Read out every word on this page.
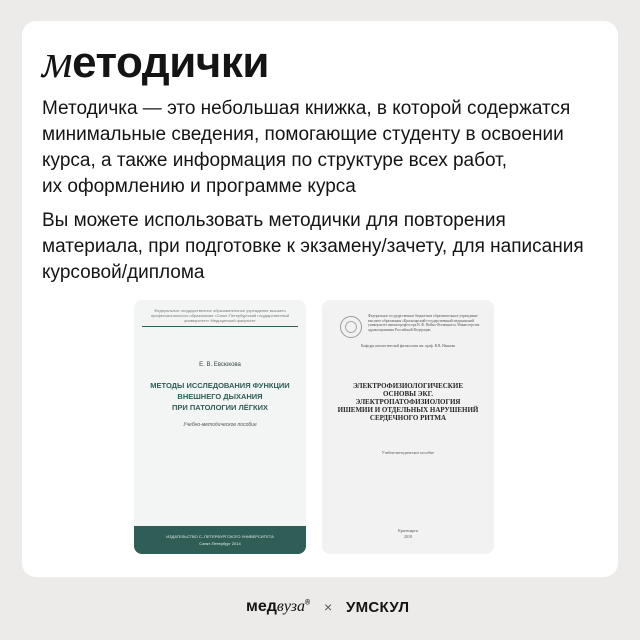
методички

Методичка — это небольшая книжка, в которой содержатся
минимальные сведения, помогающие студенту в освоении
курса, а также информация по структуре всех работ,
их оформлению и программе курса

Вы можете использовать методички для повторения
материала, при подготовке к экзамену/зачету, для написания
курсовой/диплома

Федеральное государственное образовательное учреждение высшего профессионального образования «Санкт-Петербургский государственный университет» Медицинский факультет
Е. В. Евсюкова
МЕТОДЫ ИССЛЕДОВАНИЯ ФУНКЦИИ
ВНЕШНЕГО ДЫХАНИЯ
ПРИ ПАТОЛОГИИ ЛЁГКИХ
Учебно-методическое пособие
ИЗДАТЕЛЬСТВО С.-ПЕТЕРБУРГСКОГО УНИВЕРСИТЕТА
Санкт-Петербург 2014
Федеральное государственное бюджетное образовательное учреждение высшего образования «Красноярский государственный медицинский университет имени профессора В. Ф. Войно-Ясенецкого» Министерства здравоохранения Российской Федерации
Кафедра патологической физиологии им. проф. В.В. Иванова
ЭЛЕКТРОФИЗИОЛОГИЧЕСКИЕ
ОСНОВЫ ЭКГ.
ЭЛЕКТРОПАТОФИЗИОЛОГИЯ
ИШЕМИИ И ОТДЕЛЬНЫХ НАРУШЕНИЙ
СЕРДЕЧНОГО РИТМА
Учебно-методическое пособие
Красноярск
2018
медвуза® × УМСКУЛ
